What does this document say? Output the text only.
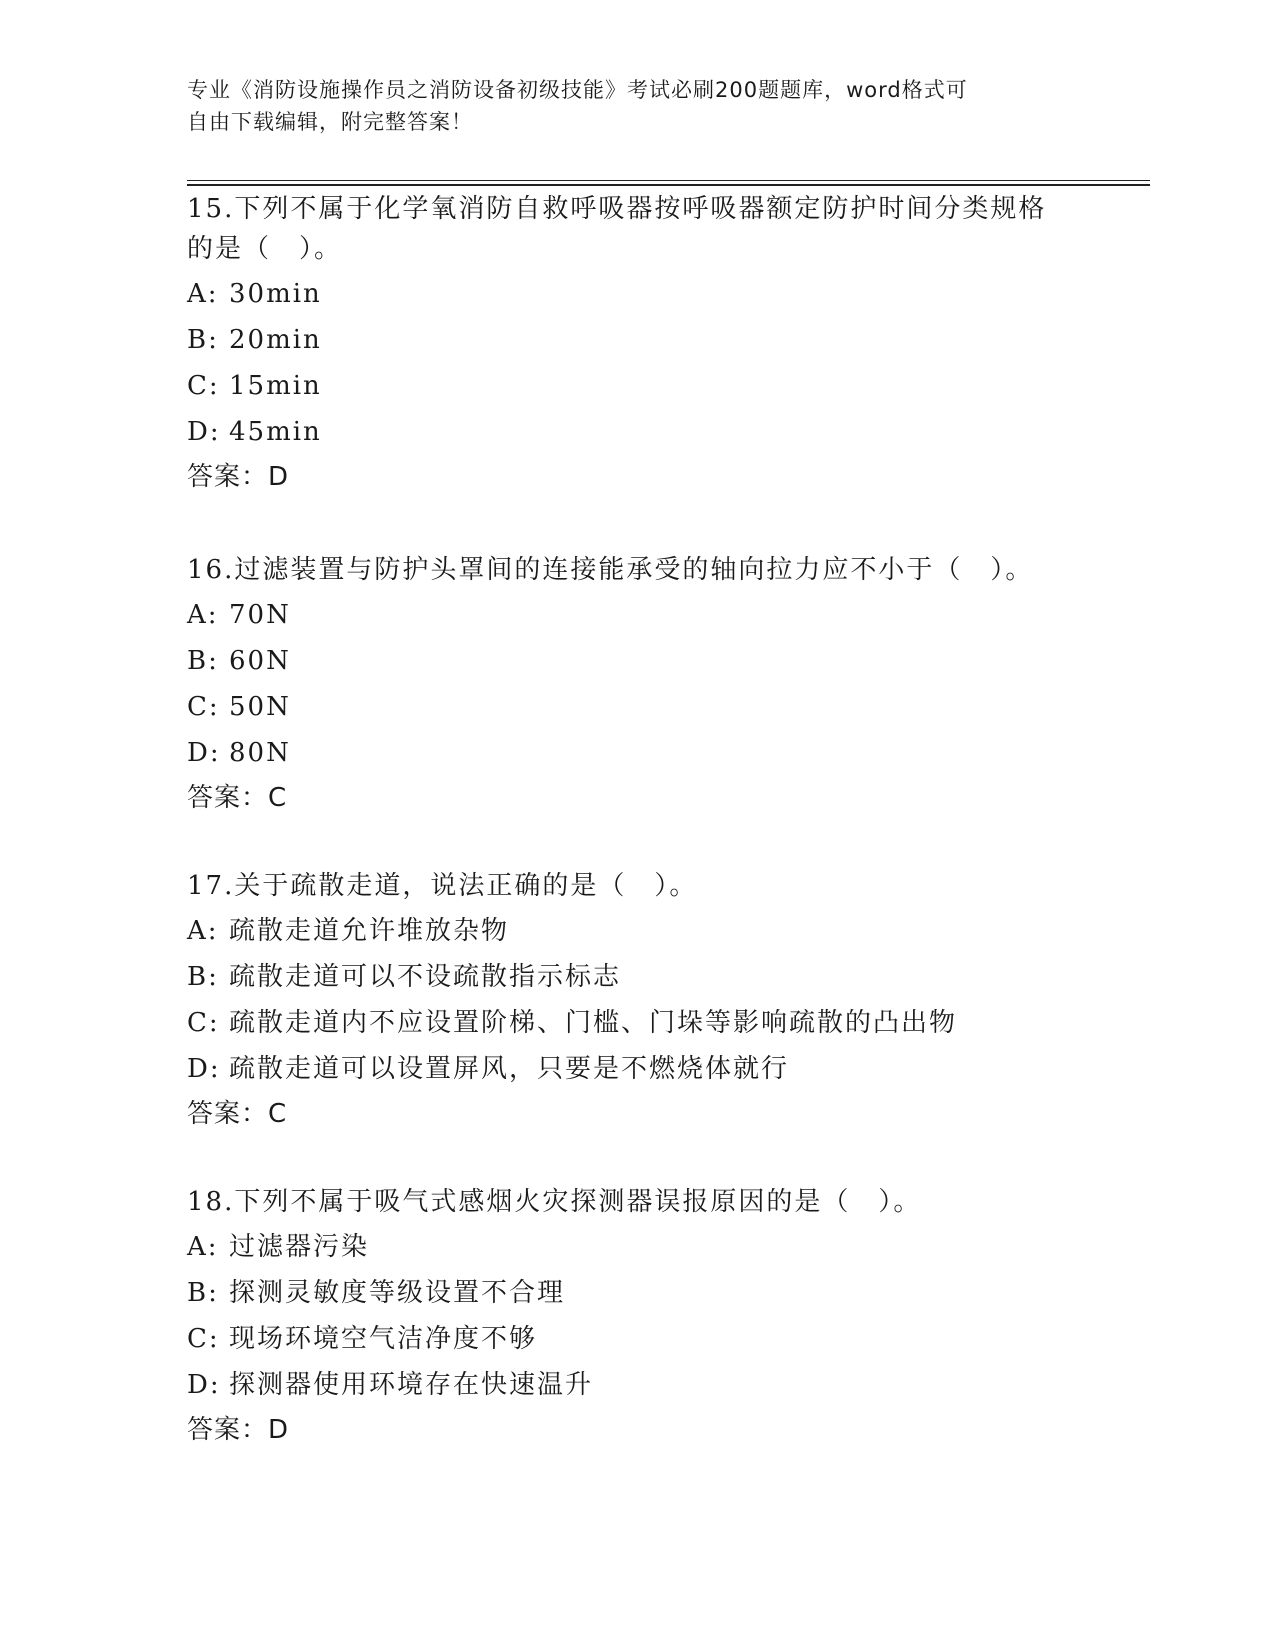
专业《消防设施操作员之消防设备初级技能》考试必刷200题题库，word格式可
自由下载编辑，附完整答案！
15.下列不属于化学氧消防自救呼吸器按呼吸器额定防护时间分类规格
的是（　）。
A: 30min
B: 20min
C: 15min
D: 45min
答案：D
16.过滤装置与防护头罩间的连接能承受的轴向拉力应不小于（　）。
A: 70N
B: 60N
C: 50N
D: 80N
答案：C
17.关于疏散走道，说法正确的是（　）。
A: 疏散走道允许堆放杂物
B: 疏散走道可以不设疏散指示标志
C: 疏散走道内不应设置阶梯、门槛、门垛等影响疏散的凸出物
D: 疏散走道可以设置屏风，只要是不燃烧体就行
答案：C
18.下列不属于吸气式感烟火灾探测器误报原因的是（　）。
A: 过滤器污染
B: 探测灵敏度等级设置不合理
C: 现场环境空气洁净度不够
D: 探测器使用环境存在快速温升
答案：D
